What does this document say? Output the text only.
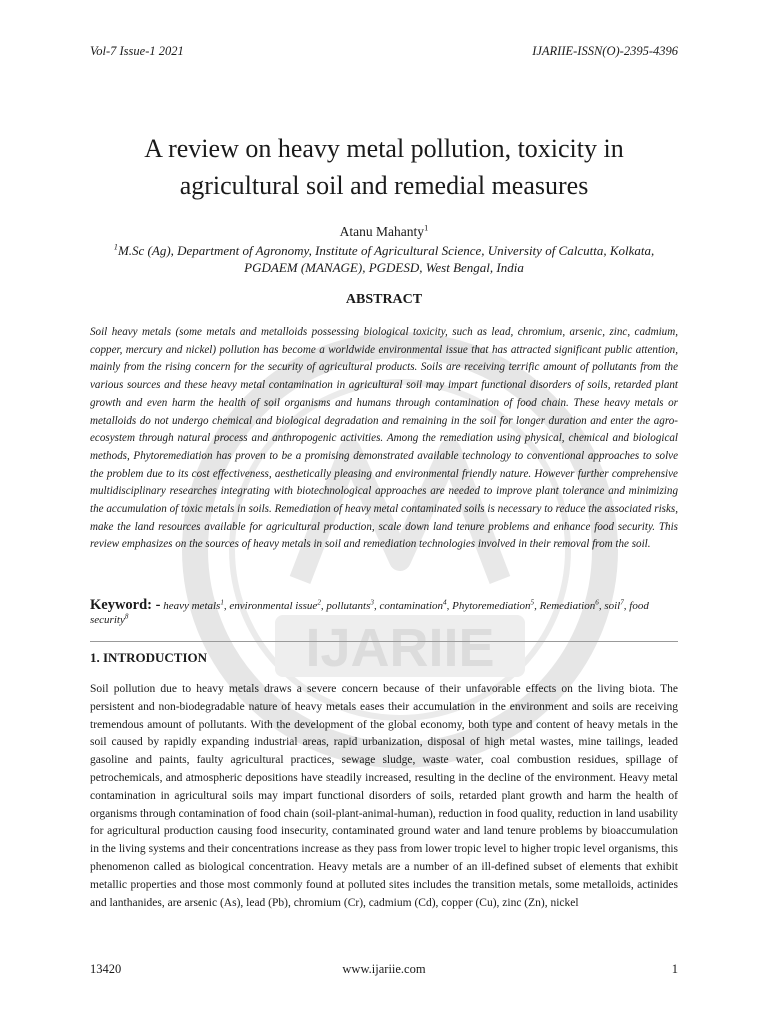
IJARIIE
Vol-7 Issue-1 2021	IJARIIE-ISSN(O)-2395-4396
A review on heavy metal pollution, toxicity in
agricultural soil and remedial measures
Atanu Mahanty$^1$
$^1$M.Sc (Ag), Department of Agronomy, Institute of Agricultural Science, University of Calcutta, Kolkata,
PGDAEM (MANAGE), PGDESD, West Bengal, India
ABSTRACT
Soil heavy metals (some metals and metalloids possessing biological toxicity, such as lead, chromium, arsenic, zinc, cadmium, copper, mercury and nickel) pollution has become a worldwide environmental issue that has attracted significant public attention, mainly from the rising concern for the security of agricultural products. Soils are receiving terrific amount of pollutants from the various sources and these heavy metal contamination in agricultural soil may impart functional disorders of soils, retarded plant growth and even harm the health of soil organisms and humans through contamination of food chain. These heavy metals or metalloids do not undergo chemical and biological degradation and remaining in the soil for longer duration and enter the agro- ecosystem through natural process and anthropogenic activities. Among the remediation using physical, chemical and biological methods, Phytoremediation has proven to be a promising demonstrated available technology to conventional approaches to solve the problem due to its cost effectiveness, aesthetically pleasing and environmental friendly nature. However further comprehensive multidisciplinary researches integrating with biotechnological approaches are needed to improve plant tolerance and minimizing the accumulation of toxic metals in soils. Remediation of heavy metal contaminated soils is necessary to reduce the associated risks, make the land resources available for agricultural production, scale down land tenure problems and enhance food security. This review emphasizes on the sources of heavy metals in soil and remediation technologies involved in their removal from the soil.
Keyword: - heavy metals$^1$, environmental issue$^2$, pollutants$^3$, contamination$^4$, Phytoremediation$^5$, Remediation$^6$, soil$^7$, food security$^8$
1. INTRODUCTION
Soil pollution due to heavy metals draws a severe concern because of their unfavorable effects on the living biota. The persistent and non-biodegradable nature of heavy metals eases their accumulation in the environment and soils are receiving tremendous amount of pollutants. With the development of the global economy, both type and content of heavy metals in the soil caused by rapidly expanding industrial areas, rapid urbanization, disposal of high metal wastes, mine tailings, leaded gasoline and paints, faulty agricultural practices, sewage sludge, waste water, coal combustion residues, spillage of petrochemicals, and atmospheric depositions have steadily increased, resulting in the decline of the environment. Heavy metal contamination in agricultural soils may impart functional disorders of soils, retarded plant growth and harm the health of organisms through contamination of food chain (soil-plant-animal-human), reduction in food quality, reduction in land usability for agricultural production causing food insecurity, contaminated ground water and land tenure problems by bioaccumulation in the living systems and their concentrations increase as they pass from lower tropic level to higher tropic level organisms, this phenomenon called as biological concentration. Heavy metals are a number of an ill-defined subset of elements that exhibit metallic properties and those most commonly found at polluted sites includes the transition metals, some metalloids, actinides and lanthanides, are arsenic (As), lead (Pb), chromium (Cr), cadmium (Cd), copper (Cu), zinc (Zn), nickel
13420	www.ijariie.com	1
